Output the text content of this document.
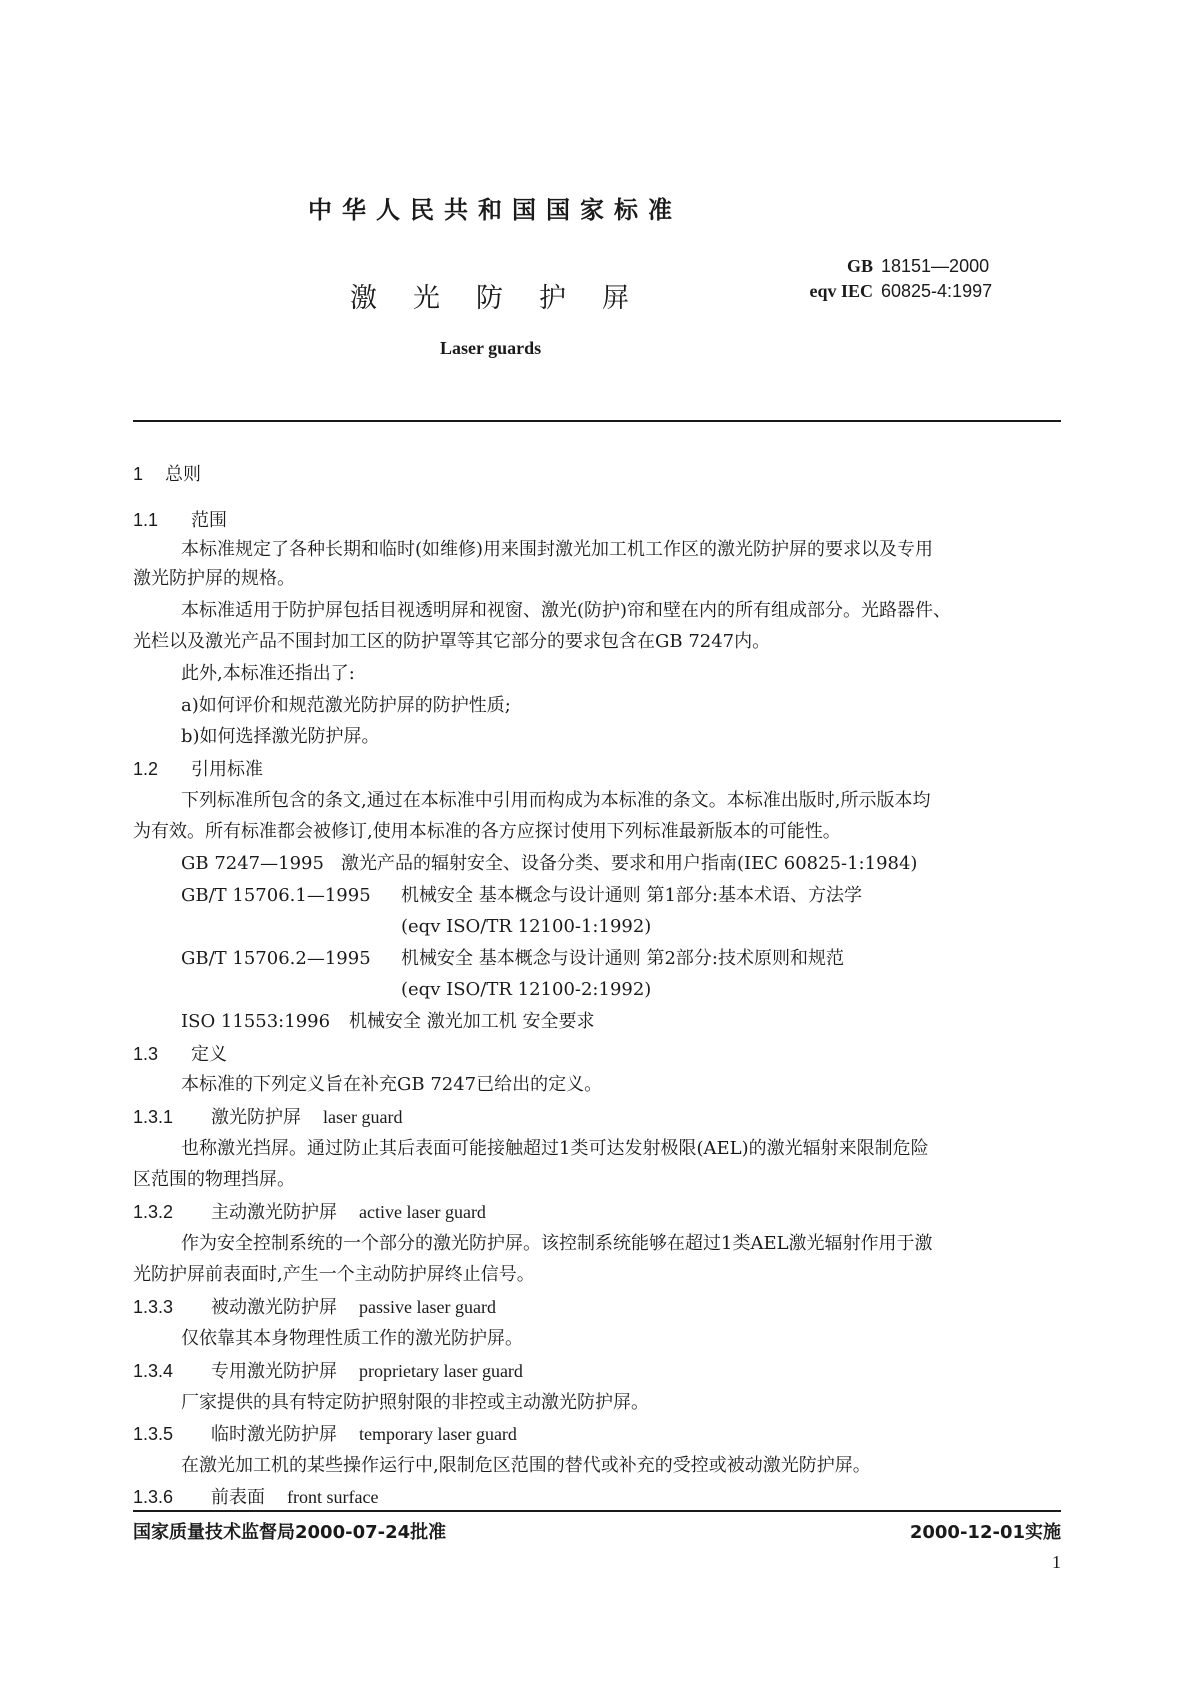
中华人民共和国国家标准
激光防护屏
GB 18151—2000
eqv IEC 60825-4:1997
Laser guards
1 总则
1.1 范围
本标准规定了各种长期和临时(如维修)用来围封激光加工机工作区的激光防护屏的要求以及专用
激光防护屏的规格。
本标准适用于防护屏包括目视透明屏和视窗、激光(防护)帘和壁在内的所有组成部分。光路器件、
光栏以及激光产品不围封加工区的防护罩等其它部分的要求包含在GB 7247内。
此外,本标准还指出了:
a)如何评价和规范激光防护屏的防护性质;
b)如何选择激光防护屏。
1.2 引用标准
下列标准所包含的条文,通过在本标准中引用而构成为本标准的条文。本标准出版时,所示版本均
为有效。所有标准都会被修订,使用本标准的各方应探讨使用下列标准最新版本的可能性。
GB 7247—1995 激光产品的辐射安全、设备分类、要求和用户指南(IEC 60825-1:1984)
GB/T 15706.1—1995 机械安全 基本概念与设计通则 第1部分:基本术语、方法学
(eqv ISO/TR 12100-1:1992)
GB/T 15706.2—1995 机械安全 基本概念与设计通则 第2部分:技术原则和规范
(eqv ISO/TR 12100-2:1992)
ISO 11553:1996 机械安全 激光加工机 安全要求
1.3 定义
本标准的下列定义旨在补充GB 7247已给出的定义。
1.3.1 激光防护屏 laser guard
也称激光挡屏。通过防止其后表面可能接触超过1类可达发射极限(AEL)的激光辐射来限制危险
区范围的物理挡屏。
1.3.2 主动激光防护屏 active laser guard
作为安全控制系统的一个部分的激光防护屏。该控制系统能够在超过1类AEL激光辐射作用于激
光防护屏前表面时,产生一个主动防护屏终止信号。
1.3.3 被动激光防护屏 passive laser guard
仅依靠其本身物理性质工作的激光防护屏。
1.3.4 专用激光防护屏 proprietary laser guard
厂家提供的具有特定防护照射限的非控或主动激光防护屏。
1.3.5 临时激光防护屏 temporary laser guard
在激光加工机的某些操作运行中,限制危区范围的替代或补充的受控或被动激光防护屏。
1.3.6 前表面 front surface
国家质量技术监督局2000-07-24批准	2000-12-01实施
1
